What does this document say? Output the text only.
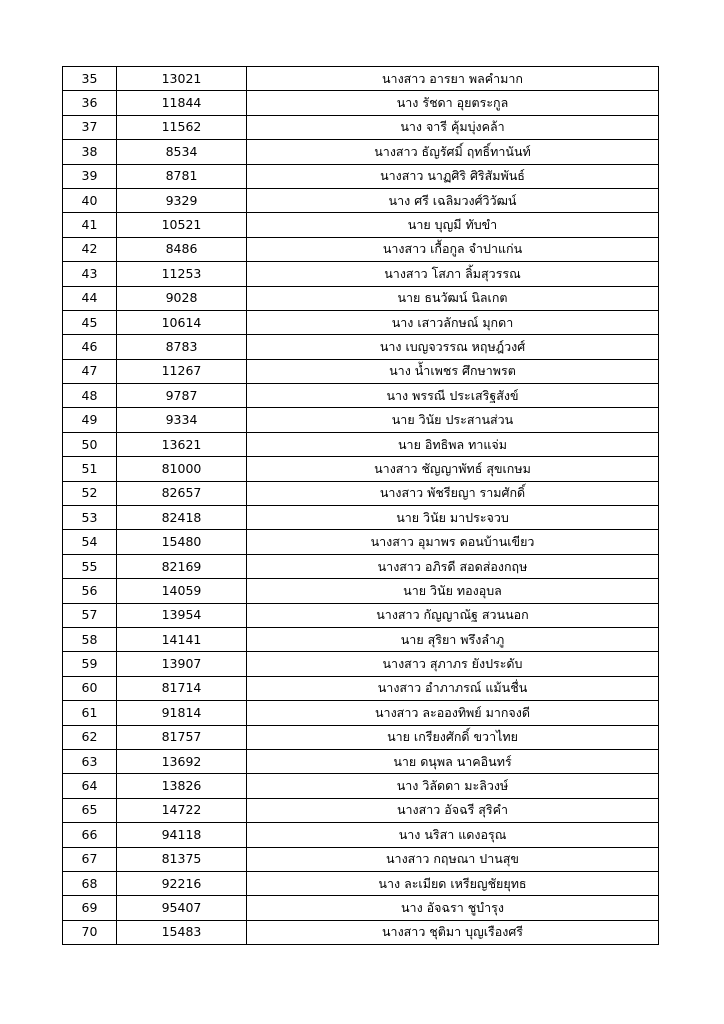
35	13021	นางสาว อารยา พลคำมาก
36	11844	นาง รัชดา อุยตระกูล
37	11562	นาง จารี คุ้มบุ่งคล้า
38	8534	นางสาว ธัญรัศมิ์ ฤทธิ์ทานันท์
39	8781	นางสาว นาฏศิริ ศิริสัมพันธ์
40	9329	นาง ศรี เฉลิมวงศ์วิวัฒน์
41	10521	นาย บุญมี ทับขำ
42	8486	นางสาว เกื้อกูล จำปาแก่น
43	11253	นางสาว โสภา ลิ้มสุวรรณ
44	9028	นาย ธนวัฒน์ นิลเกต
45	10614	นาง เสาวลักษณ์ มุกดา
46	8783	นาง เบญจวรรณ หฤษฎ์วงศ์
47	11267	นาง น้ำเพชร ศึกษาพรต
48	9787	นาง พรรณี ประเสริฐสังข์
49	9334	นาย วินัย ประสานส่วน
50	13621	นาย อิทธิพล ทาแจ่ม
51	81000	นางสาว ชัญญาพัทธ์ สุขเกษม
52	82657	นางสาว พัชรียญา รามศักดิ์
53	82418	นาย วินัย มาประจวบ
54	15480	นางสาว อุมาพร ดอนบ้านเขียว
55	82169	นางสาว อภิรดี สอดส่องกฤษ
56	14059	นาย วินัย ทองอุบล
57	13954	นางสาว กัญญาณัฐ สวนนอก
58	14141	นาย สุริยา พรึงลำภู
59	13907	นางสาว สุภาภร ยังประดับ
60	81714	นางสาว อำภาภรณ์ แม้นชื่น
61	91814	นางสาว ละอองทิพย์ มากจงดี
62	81757	นาย เกรียงศักดิ์ ขวาไทย
63	13692	นาย ดนุพล นาคอินทร์
64	13826	นาง วิลัดดา มะลิวงษ์
65	14722	นางสาว อัจฉรี สุริคำ
66	94118	นาง นริสา แดงอรุณ
67	81375	นางสาว กฤษณา ปานสุข
68	92216	นาง ละเมียด เหรียญชัยยุทธ
69	95407	นาง อัจฉรา ชูบำรุง
70	15483	นางสาว ชุติมา บุญเรืองศรี
